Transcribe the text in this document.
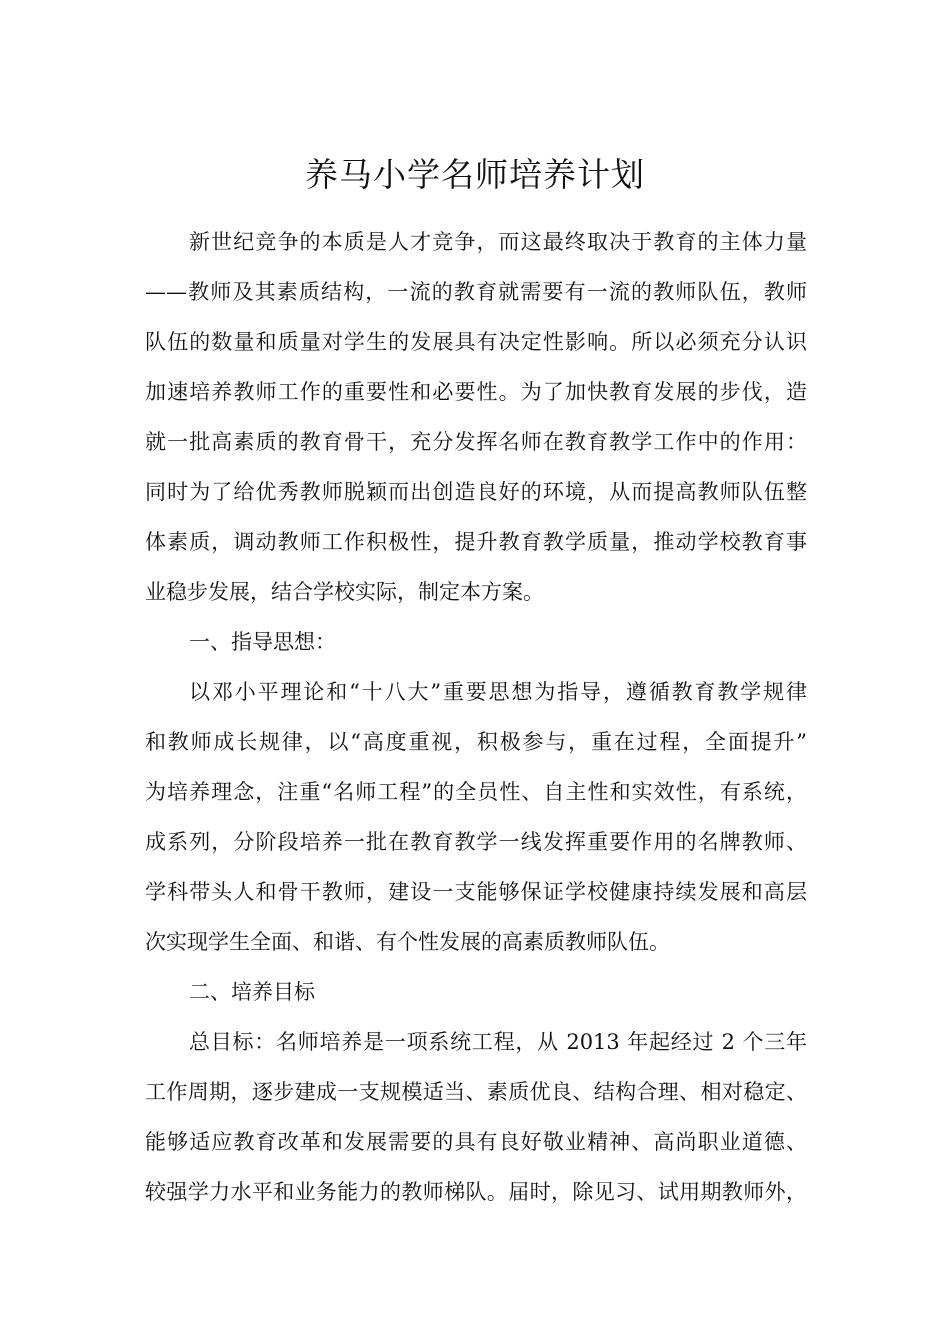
养马小学名师培养计划
新世纪竞争的本质是人才竞争，而这最终取决于教育的主体力量
——教师及其素质结构，一流的教育就需要有一流的教师队伍，教师
队伍的数量和质量对学生的发展具有决定性影响。所以必须充分认识
加速培养教师工作的重要性和必要性。为了加快教育发展的步伐，造
就一批高素质的教育骨干，充分发挥名师在教育教学工作中的作用：
同时为了给优秀教师脱颖而出创造良好的环境，从而提高教师队伍整
体素质，调动教师工作积极性，提升教育教学质量，推动学校教育事
业稳步发展，结合学校实际，制定本方案。
一、指导思想：
以邓小平理论和“十八大”重要思想为指导，遵循教育教学规律
和教师成长规律，以“高度重视，积极参与，重在过程，全面提升”
为培养理念，注重“名师工程”的全员性、自主性和实效性，有系统，
成系列，分阶段培养一批在教育教学一线发挥重要作用的名牌教师、
学科带头人和骨干教师，建设一支能够保证学校健康持续发展和高层
次实现学生全面、和谐、有个性发展的高素质教师队伍。
二、培养目标
总目标：名师培养是一项系统工程，从 2013 年起经过 2 个三年
工作周期，逐步建成一支规模适当、素质优良、结构合理、相对稳定、
能够适应教育改革和发展需要的具有良好敬业精神、高尚职业道德、
较强学力水平和业务能力的教师梯队。届时，除见习、试用期教师外，
